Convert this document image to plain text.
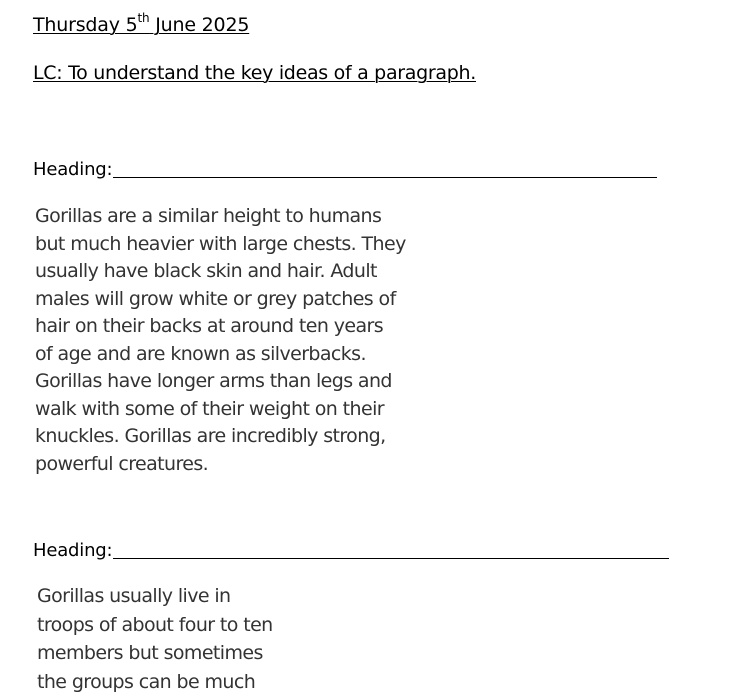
Thursday 5th June 2025
LC: To understand the key ideas of a paragraph.
Heading:
Gorillas are a similar height to humans
but much heavier with large chests. They
usually have black skin and hair. Adult
males will grow white or grey patches of
hair on their backs at around ten years
of age and are known as silverbacks.
Gorillas have longer arms than legs and
walk with some of their weight on their
knuckles. Gorillas are incredibly strong,
powerful creatures.
Heading:
Gorillas usually live in
troops of about four to ten
members but sometimes
the groups can be much
